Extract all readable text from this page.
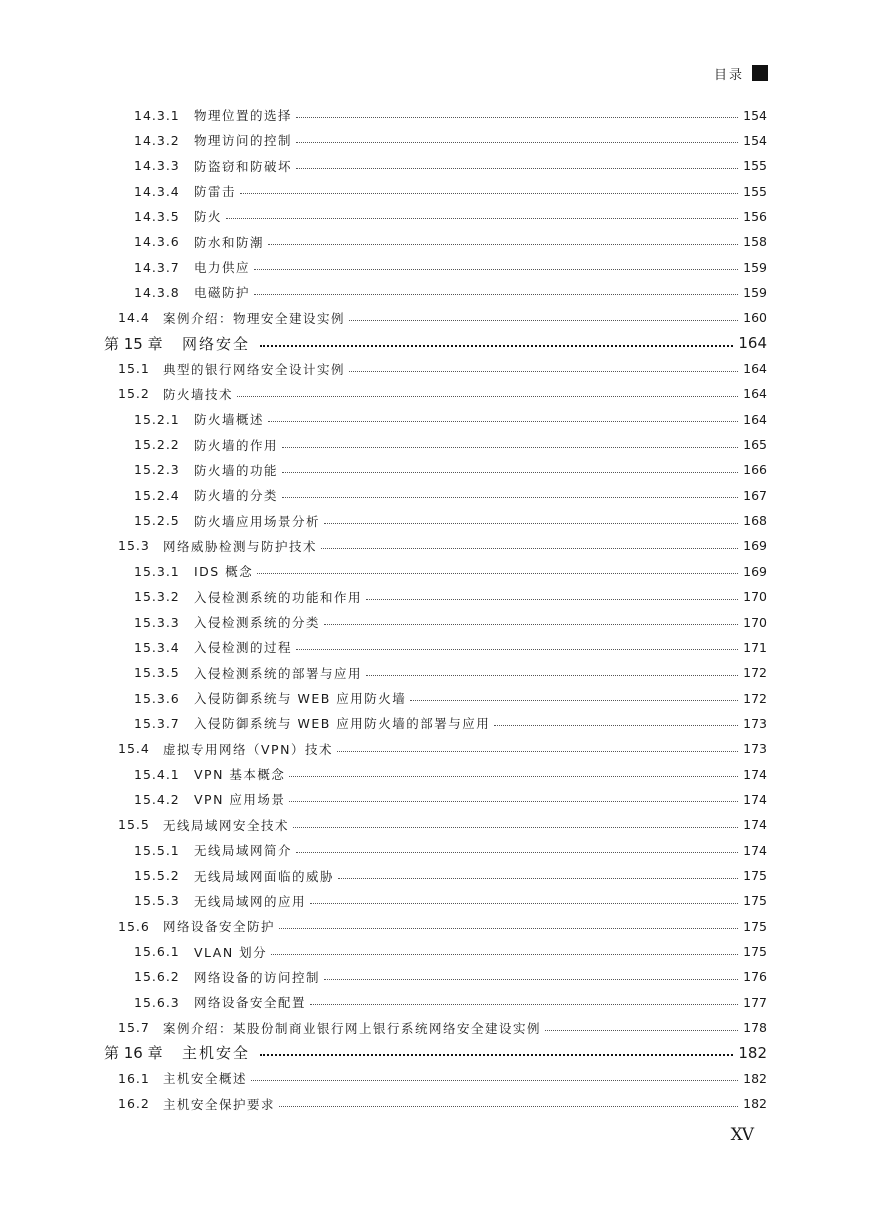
目录
14.3.1	物理位置的选择	154
14.3.2	物理访问的控制	154
14.3.3	防盗窃和防破坏	155
14.3.4	防雷击	155
14.3.5	防火	156
14.3.6	防水和防潮	158
14.3.7	电力供应	159
14.3.8	电磁防护	159
14.4	案例介绍：物理安全建设实例	160
第 15 章	网络安全	164
15.1	典型的银行网络安全设计实例	164
15.2	防火墙技术	164
15.2.1	防火墙概述	164
15.2.2	防火墙的作用	165
15.2.3	防火墙的功能	166
15.2.4	防火墙的分类	167
15.2.5	防火墙应用场景分析	168
15.3	网络威胁检测与防护技术	169
15.3.1	IDS 概念	169
15.3.2	入侵检测系统的功能和作用	170
15.3.3	入侵检测系统的分类	170
15.3.4	入侵检测的过程	171
15.3.5	入侵检测系统的部署与应用	172
15.3.6	入侵防御系统与 WEB 应用防火墙	172
15.3.7	入侵防御系统与 WEB 应用防火墙的部署与应用	173
15.4	虚拟专用网络（VPN）技术	173
15.4.1	VPN 基本概念	174
15.4.2	VPN 应用场景	174
15.5	无线局域网安全技术	174
15.5.1	无线局域网简介	174
15.5.2	无线局域网面临的威胁	175
15.5.3	无线局域网的应用	175
15.6	网络设备安全防护	175
15.6.1	VLAN 划分	175
15.6.2	网络设备的访问控制	176
15.6.3	网络设备安全配置	177
15.7	案例介绍：某股份制商业银行网上银行系统网络安全建设实例	178
第 16 章	主机安全	182
16.1	主机安全概述	182
16.2	主机安全保护要求	182
XV
